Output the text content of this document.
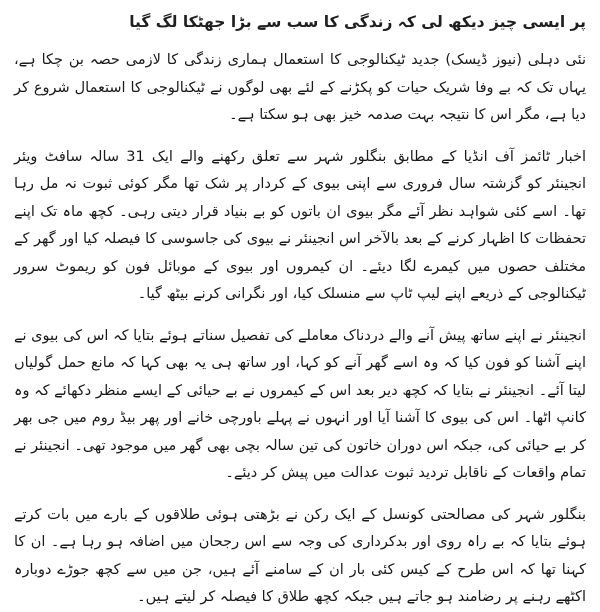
پر ایسی چیز دیکھ لی کہ زندگی کا سب سے بڑا جھٹکا لگ گیا

نئی دہلی (نیوز ڈیسک) جدید ٹیکنالوجی کا استعمال ہماری زندگی کا لازمی حصہ بن چکا ہے، یہاں تک کہ بے وفا شریک حیات کو پکڑنے کے لئے بھی لوگوں نے ٹیکنالوجی کا استعمال شروع کر دیا ہے، مگر اس کا نتیجہ بہت صدمہ خیز بھی ہو سکتا ہے۔

اخبار ٹائمز آف انڈیا کے مطابق بنگلور شہر سے تعلق رکھنے والے ایک 31 سالہ سافٹ ویئر انجینئر کو گزشتہ سال فروری سے اپنی بیوی کے کردار پر شک تھا مگر کوئی ثبوت نہ مل رہا تھا۔ اسے کئی شواہد نظر آئے مگر بیوی ان باتوں کو بے بنیاد قرار دیتی رہی۔ کچھ ماہ تک اپنے تحفظات کا اظہار کرنے کے بعد بالآخر اس انجینئر نے بیوی کی جاسوسی کا فیصلہ کیا اور گھر کے مختلف حصوں میں کیمرے لگا دیئے۔ ان کیمروں اور بیوی کے موبائل فون کو ریموٹ سرور ٹیکنالوجی کے ذریعے اپنے لیپ ٹاپ سے منسلک کیا، اور نگرانی کرنے بیٹھ گیا۔

انجینئر نے اپنے ساتھ پیش آنے والے دردناک معاملے کی تفصیل سناتے ہوئے بتایا کہ اس کی بیوی نے اپنے آشنا کو فون کیا کہ وہ اسے گھر آنے کو کہا، اور ساتھ ہی یہ بھی کہا کہ مانع حمل گولیاں لیتا آئے۔ انجینئر نے بتایا کہ کچھ دیر بعد اس کے کیمروں نے بے حیائی کے ایسے منظر دکھائے کہ وہ کانپ اٹھا۔ اس کی بیوی کا آشنا آیا اور انہوں نے پہلے باورچی خانے اور پھر بیڈ روم میں جی بھر کر بے حیائی کی، جبکہ اس دوران خاتون کی تین سالہ بچی بھی گھر میں موجود تھی۔ انجینئر نے تمام واقعات کے ناقابل تردید ثبوت عدالت میں پیش کر دیئے۔

بنگلور شہر کی مصالحتی کونسل کے ایک رکن نے بڑھتی ہوئی طلاقوں کے بارے میں بات کرتے ہوئے بتایا کہ بے راہ روی اور بدکرداری کی وجہ سے اس رجحان میں اضافہ ہو رہا ہے۔ ان کا کہنا تھا کہ اس طرح کے کیس کئی بار ان کے سامنے آئے ہیں، جن میں سے کچھ جوڑے دوبارہ اکٹھے رہنے پر رضامند ہو جاتے ہیں جبکہ کچھ طلاق کا فیصلہ کر لیتے ہیں۔
